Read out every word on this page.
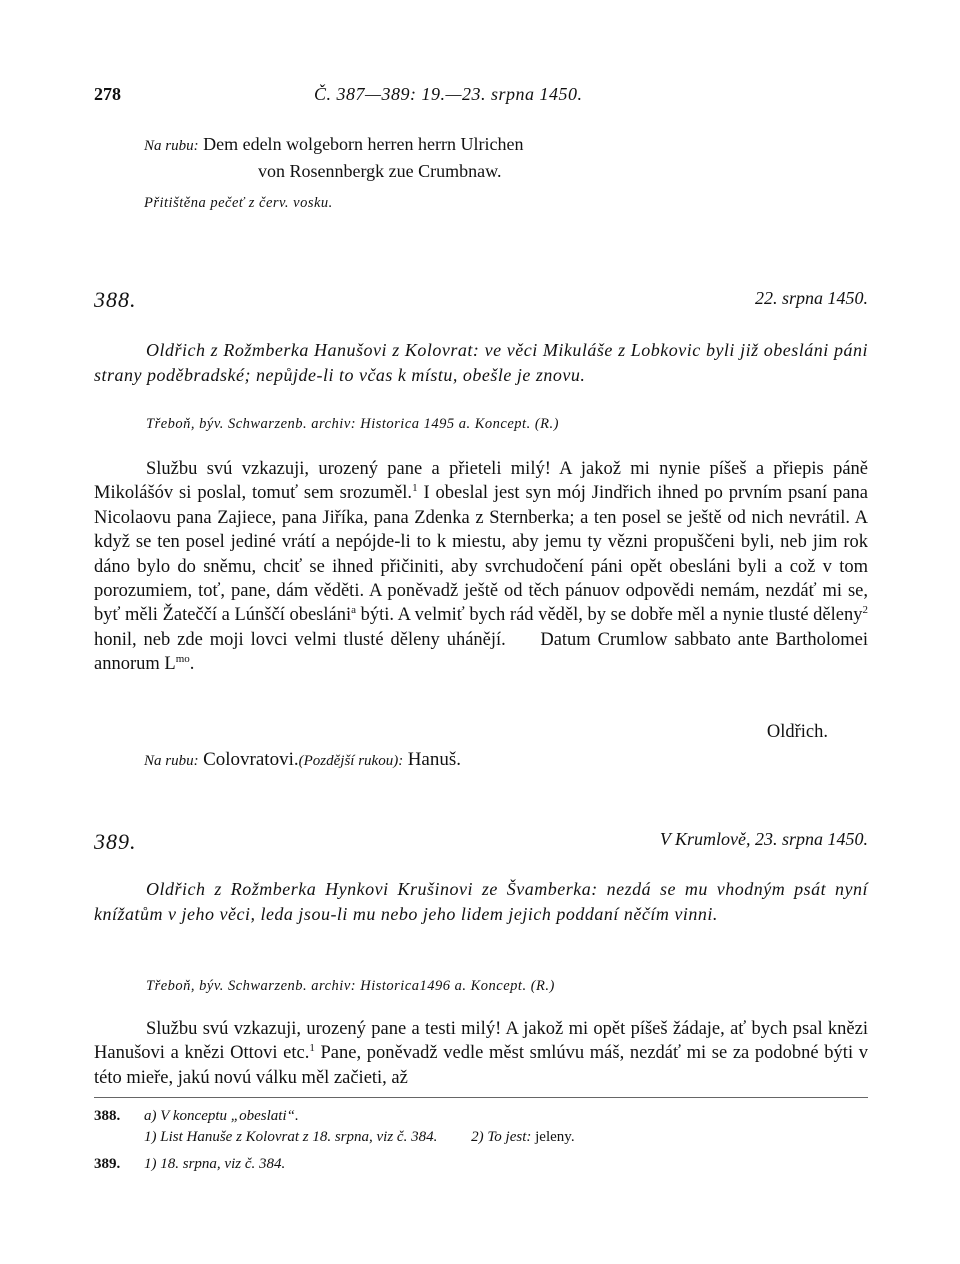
278	Č. 387—389: 19.—23. srpna 1450.
Na rubu: Dem edeln wolgeborn herren herrn Ulrichen
von Rosennbergk zue Crumbnaw.
Přitištěna pečeť z červ. vosku.
388.	22. srpna 1450.
Oldřich z Rožmberka Hanušovi z Kolovrat: ve věci Mikuláše z Lobkovic byli již obesláni páni strany poděbradské; nepůjde-li to včas k místu, obešle je znovu.
Třeboň, býv. Schwarzenb. archiv: Historica 1495 a. Koncept. (R.)

Službu svú vzkazuji, urozený pane a přieteli milý! A jakož mi nynie píšeš a přiepis páně Mikolášóv si poslal, tomuť sem srozuměl.$^1$ I obeslal jest syn mój Jindřich ihned po prvním psaní pana Nicolaovu pana Zajiece, pana Jiříka, pana Zdenka z Sternberka; a ten posel se ještě od nich nevrátil. A když se ten posel jediné vrátí a nepójde-li to k miestu, aby jemu ty vězni propuščeni byli, neb jim rok dáno bylo do sněmu, chciť se ihned přičiniti, aby svrchudočení páni opět obesláni byli a což v tom porozumiem, toť, pane, dám věděti. A poněvadž ještě od těch pánuov odpovědi nemám, nezdáť mi se, byť měli Žateččí a Lúnščí obesláni$^a$ býti. A velmiť bych rád věděl, by se dobře měl a nynie tlusté děleny$^2$ honil, neb zde moji lovci velmi tlusté děleny uhánějí. Datum Crumlow sabbato ante Bartholomei annorum $L^{mo}$.

Oldřich.
Na rubu: Colovratovi.(Pozdější rukou): Hanuš.
389.	V Krumlově, 23. srpna 1450.
Oldřich z Rožmberka Hynkovi Krušinovi ze Švamberka: nezdá se mu vhodným psát nyní knížatům v jeho věci, leda jsou-li mu nebo jeho lidem jejich poddaní něčím vinni.
Třeboň, býv. Schwarzenb. archiv: Historica1496 a. Koncept. (R.)

Službu svú vzkazuji, urozený pane a testi milý! A jakož mi opět píšeš žádaje, ať bych psal knězi Hanušovi a knězi Ottovi etc.$^1$ Pane, poněvadž vedle měst smlúvu máš, nezdáť mi se za podobné býti v této mieře, jakú novú válku měl začieti, až

388. a) V konceptu „obeslati“.
1) List Hanuše z Kolovrat z 18. srpna, viz č. 384. 2) To jest: jeleny.
389. 1) 18. srpna, viz č. 384.
